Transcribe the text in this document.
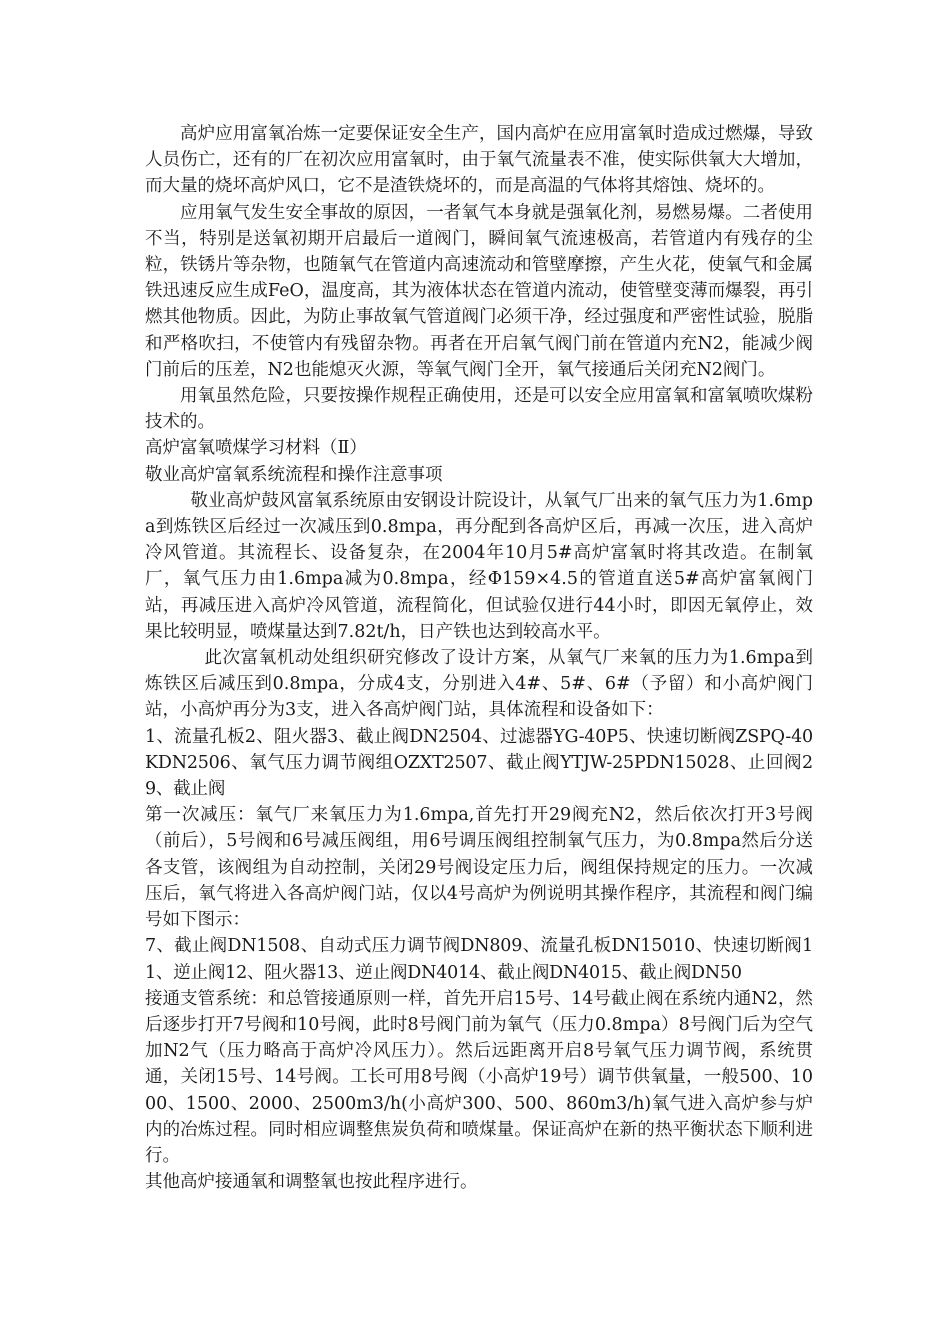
高炉应用富氧冶炼一定要保证安全生产，国内高炉在应用富氧时造成过燃爆，导致人员伤亡，还有的厂在初次应用富氧时，由于氧气流量表不准，使实际供氧大大增加，而大量的烧坏高炉风口，它不是渣铁烧坏的，而是高温的气体将其熔蚀、烧坏的。

应用氧气发生安全事故的原因，一者氧气本身就是强氧化剂，易燃易爆。二者使用不当，特别是送氧初期开启最后一道阀门，瞬间氧气流速极高，若管道内有残存的尘粒，铁锈片等杂物，也随氧气在管道内高速流动和管壁摩擦，产生火花，使氧气和金属铁迅速反应生成FeO，温度高，其为液体状态在管道内流动，使管壁变薄而爆裂，再引燃其他物质。因此，为防止事故氧气管道阀门必须干净，经过强度和严密性试验，脱脂和严格吹扫，不使管内有残留杂物。再者在开启氧气阀门前在管道内充N2，能减少阀门前后的压差，N2也能熄灭火源，等氧气阀门全开，氧气接通后关闭充N2阀门。

用氧虽然危险，只要按操作规程正确使用，还是可以安全应用富氧和富氧喷吹煤粉技术的。

高炉富氧喷煤学习材料（Ⅱ）

敬业高炉富氧系统流程和操作注意事项

敬业高炉鼓风富氧系统原由安钢设计院设计，从氧气厂出来的氧气压力为1.6mpa到炼铁区后经过一次减压到0.8mpa，再分配到各高炉区后，再减一次压，进入高炉冷风管道。其流程长、设备复杂，在2004年10月5#高炉富氧时将其改造。在制氧厂，氧气压力由1.6mpa减为0.8mpa，经Φ159×4.5的管道直送5#高炉富氧阀门站，再减压进入高炉冷风管道，流程简化，但试验仅进行44小时，即因无氧停止，效果比较明显，喷煤量达到7.82t/h，日产铁也达到较高水平。

此次富氧机动处组织研究修改了设计方案，从氧气厂来氧的压力为1.6mpa到炼铁区后减压到0.8mpa，分成4支，分别进入4#、5#、6#（予留）和小高炉阀门站，小高炉再分为3支，进入各高炉阀门站，具体流程和设备如下：

1、流量孔板2、阻火器3、截止阀DN2504、过滤器YG-40P5、快速切断阀ZSPQ-40KDN2506、氧气压力调节阀组OZXT2507、截止阀YTJW-25PDN15028、止回阀29、截止阀

第一次减压：氧气厂来氧压力为1.6mpa,首先打开29阀充N2，然后依次打开3号阀（前后），5号阀和6号减压阀组，用6号调压阀组控制氧气压力，为0.8mpa然后分送各支管，该阀组为自动控制，关闭29号阀设定压力后，阀组保持规定的压力。一次减压后，氧气将进入各高炉阀门站，仅以4号高炉为例说明其操作程序，其流程和阀门编号如下图示：

7、截止阀DN1508、自动式压力调节阀DN809、流量孔板DN15010、快速切断阀11、逆止阀12、阻火器13、逆止阀DN4014、截止阀DN4015、截止阀DN50

接通支管系统：和总管接通原则一样，首先开启15号、14号截止阀在系统内通N2，然后逐步打开7号阀和10号阀，此时8号阀门前为氧气（压力0.8mpa）8号阀门后为空气加N2气（压力略高于高炉冷风压力）。然后远距离开启8号氧气压力调节阀，系统贯通，关闭15号、14号阀。工长可用8号阀（小高炉19号）调节供氧量，一般500、1000、1500、2000、2500m3/h(小高炉300、500、860m3/h)氧气进入高炉参与炉内的冶炼过程。同时相应调整焦炭负荷和喷煤量。保证高炉在新的热平衡状态下顺利进行。

其他高炉接通氧和调整氧也按此程序进行。
